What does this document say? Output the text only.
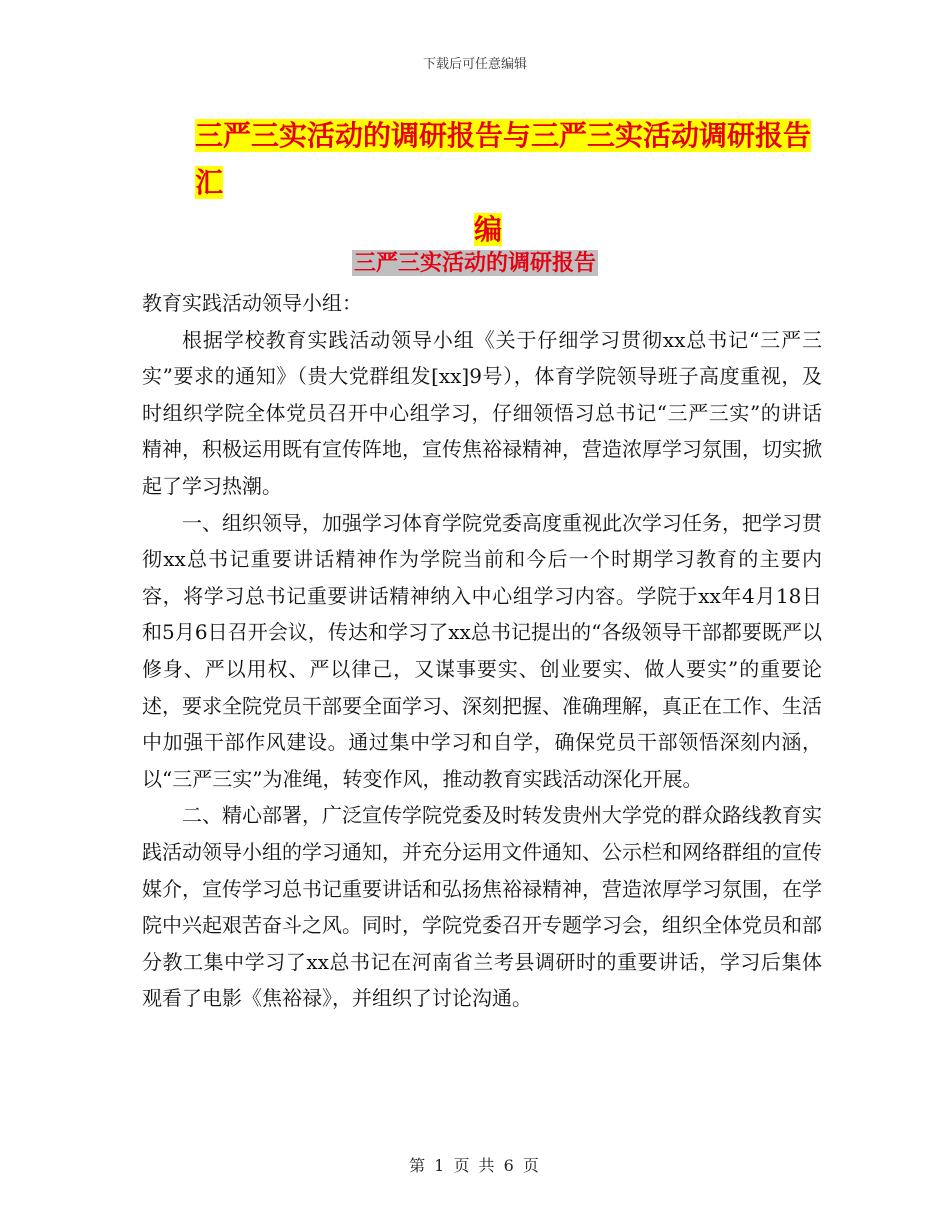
下载后可任意编辑
三严三实活动的调研报告与三严三实活动调研报告汇
编
三严三实活动的调研报告

教育实践活动领导小组：

根据学校教育实践活动领导小组《关于仔细学习贯彻xx总书记“三严三实”要求的通知》（贵大党群组发[xx]9号），体育学院领导班子高度重视，及时组织学院全体党员召开中心组学习，仔细领悟习总书记“三严三实”的讲话精神，积极运用既有宣传阵地，宣传焦裕禄精神，营造浓厚学习氛围，切实掀起了学习热潮。

一、组织领导，加强学习体育学院党委高度重视此次学习任务，把学习贯彻xx总书记重要讲话精神作为学院当前和今后一个时期学习教育的主要内容，将学习总书记重要讲话精神纳入中心组学习内容。学院于xx年4月18日和5月6日召开会议，传达和学习了xx总书记提出的“各级领导干部都要既严以修身、严以用权、严以律己，又谋事要实、创业要实、做人要实”的重要论述，要求全院党员干部要全面学习、深刻把握、准确理解，真正在工作、生活中加强干部作风建设。通过集中学习和自学，确保党员干部领悟深刻内涵，以“三严三实”为准绳，转变作风，推动教育实践活动深化开展。

二、精心部署，广泛宣传学院党委及时转发贵州大学党的群众路线教育实践活动领导小组的学习通知，并充分运用文件通知、公示栏和网络群组的宣传媒介，宣传学习总书记重要讲话和弘扬焦裕禄精神，营造浓厚学习氛围，在学院中兴起艰苦奋斗之风。同时，学院党委召开专题学习会，组织全体党员和部分教工集中学习了xx总书记在河南省兰考县调研时的重要讲话，学习后集体观看了电影《焦裕禄》，并组织了讨论沟通。

第 1 页 共 6 页
